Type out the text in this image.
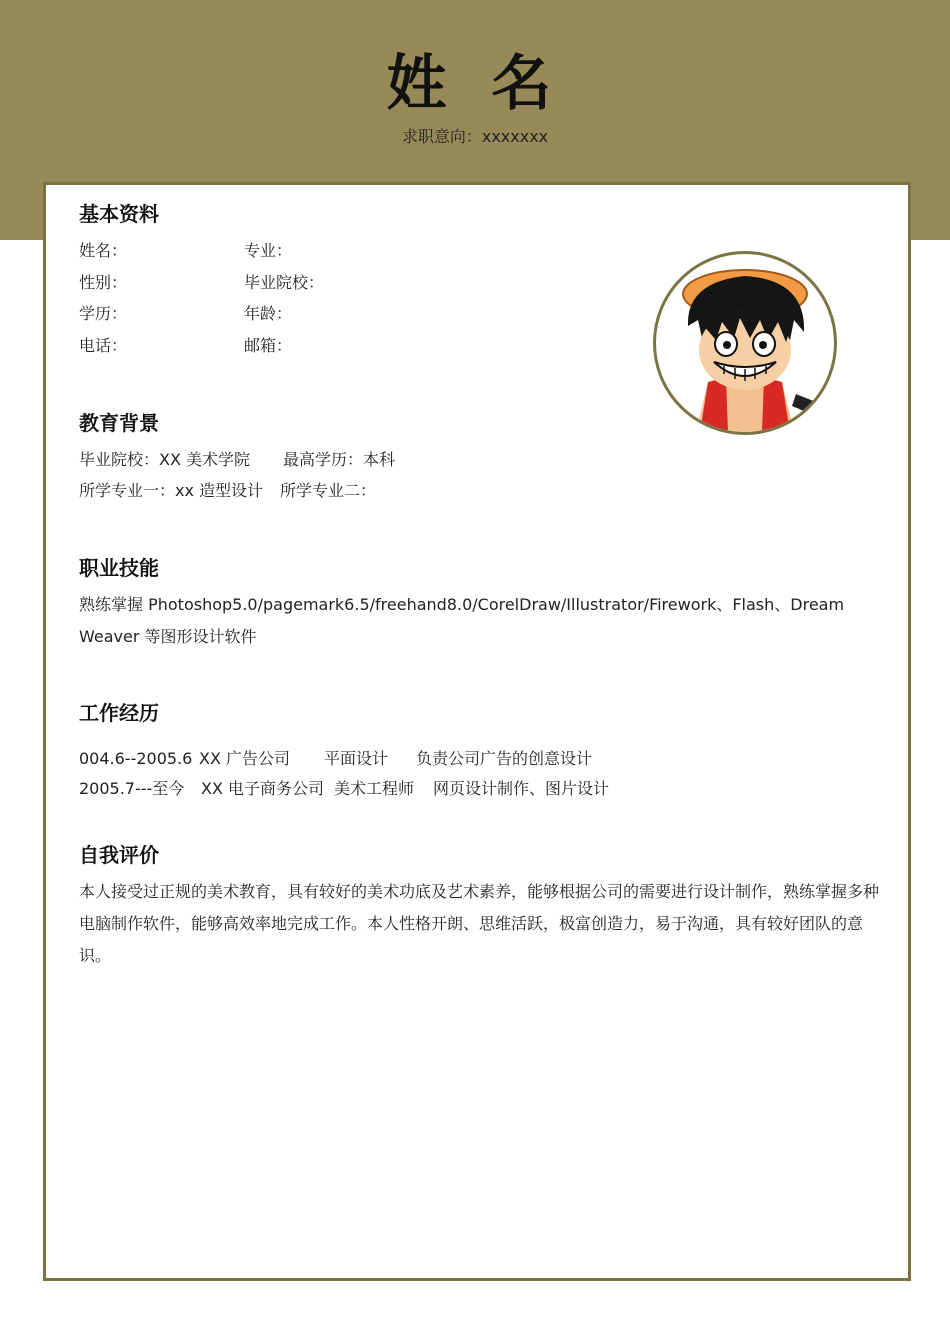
姓 名
求职意向：xxxxxxx
基本资料
姓名：	专业：
性别：	毕业院校：
学历：	年龄：
电话：	邮箱：
教育背景
毕业院校：XX 美术学院 最高学历：本科
所学专业一：xx 造型设计 所学专业二：
职业技能
熟练掌握 Photoshop5.0/pagemark6.5/freehand8.0/CorelDraw/Illustrator/Firework、Flash、Dream Weaver 等图形设计软件
工作经历
004.6--2005.6 XX 广告公司 平面设计 负责公司广告的创意设计
2005.7---至今 XX 电子商务公司 美术工程师 网页设计制作、图片设计
自我评价
本人接受过正规的美术教育，具有较好的美术功底及艺术素养，能够根据公司的需要进行设计制作，熟练掌握多种电脑制作软件，能够高效率地完成工作。本人性格开朗、思维活跃，极富创造力，易于沟通，具有较好团队的意识。
